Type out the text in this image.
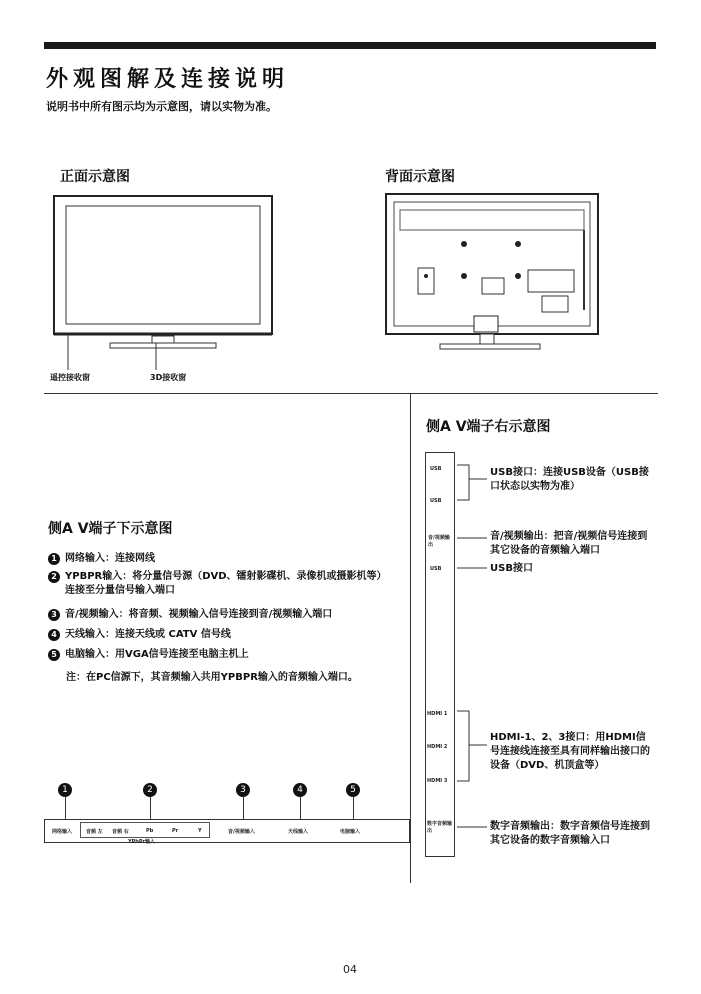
外观图解及连接说明
说明书中所有图示均为示意图，请以实物为准。
正面示意图
遥控接收窗	3D接收窗
背面示意图
侧A V端子下示意图
1 网络输入：连接网线
2 YPBPR输入：将分量信号源（DVD、镭射影碟机、录像机或摄影机等）连接至分量信号输入端口
3 音/视频输入：将音频、视频输入信号连接到音/视频输入端口
4 天线输入：连接天线或 CATV 信号线
5 电脑输入：用VGA信号连接至电脑主机上
注：在PC信源下，其音频输入共用YPBPR输入的音频输入端口。
1	2	3	4	5
网络输入	音频 左 音频 右	Pb	Pr	Y	音/视频输入	天线输入	电脑输入
YPbPr输入
侧A V端子右示意图
USB
USB
音/视频输出
USB
HDMI 1
HDMI 2
HDMI 3
数字音频输出
USB接口：连接USB设备（USB接口状态以实物为准）
音/视频输出：把音/视频信号连接到其它设备的音频输入端口
USB接口
HDMI-1、2、3接口：用HDMI信号连接线连接至具有同样输出接口的设备（DVD、机顶盒等）
数字音频输出：数字音频信号连接到其它设备的数字音频输入口
04
